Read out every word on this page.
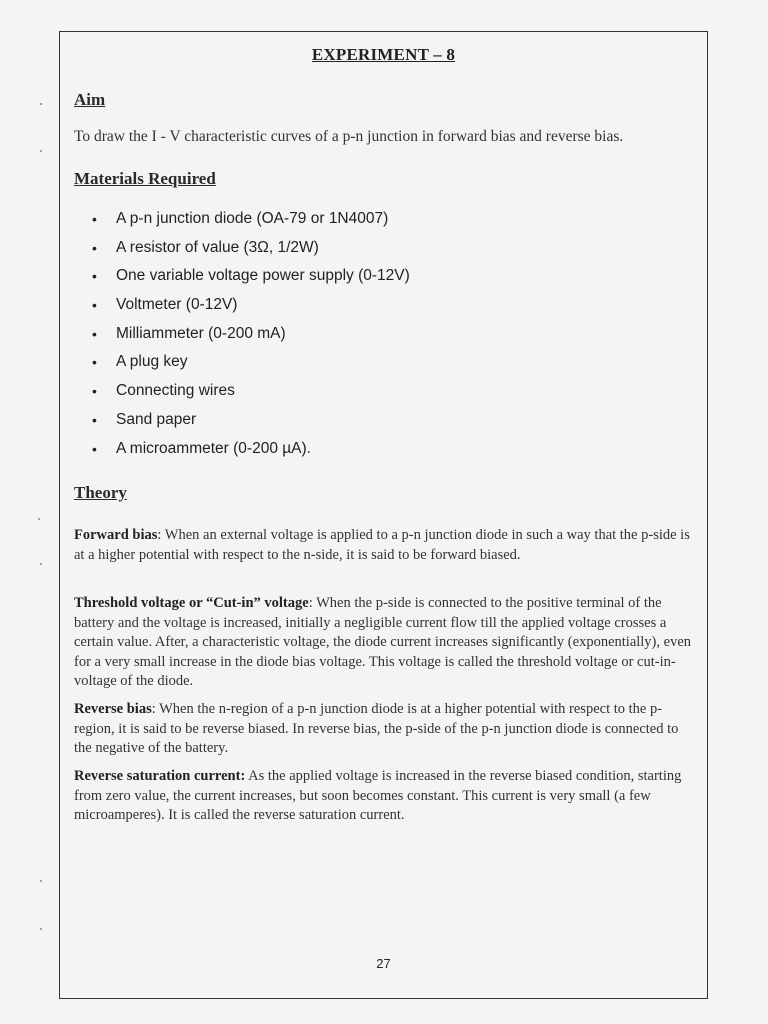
EXPERIMENT – 8
Aim
To draw the I - V characteristic curves of a p-n junction in forward bias and reverse bias.
Materials Required
• A p-n junction diode (OA-79 or 1N4007)
• A resistor of value (3Ω, 1/2W)
• One variable voltage power supply (0-12V)
• Voltmeter (0-12V)
• Milliammeter (0-200 mA)
• A plug key
• Connecting wires
• Sand paper
• A microammeter (0-200 µA).
Theory
Forward bias: When an external voltage is applied to a p-n junction diode in such a way that the p-side is at a higher potential with respect to the n-side, it is said to be forward biased.
Threshold voltage or “Cut-in” voltage: When the p-side is connected to the positive terminal of the battery and the voltage is increased, initially a negligible current flow till the applied voltage crosses a certain value. After, a characteristic voltage, the diode current increases significantly (exponentially), even for a very small increase in the diode bias voltage. This voltage is called the threshold voltage or cut-in-voltage of the diode.
Reverse bias: When the n-region of a p-n junction diode is at a higher potential with respect to the p-region, it is said to be reverse biased. In reverse bias, the p-side of the p-n junction diode is connected to the negative of the battery.
Reverse saturation current: As the applied voltage is increased in the reverse biased condition, starting from zero value, the current increases, but soon becomes constant. This current is very small (a few microamperes). It is called the reverse saturation current.
27
